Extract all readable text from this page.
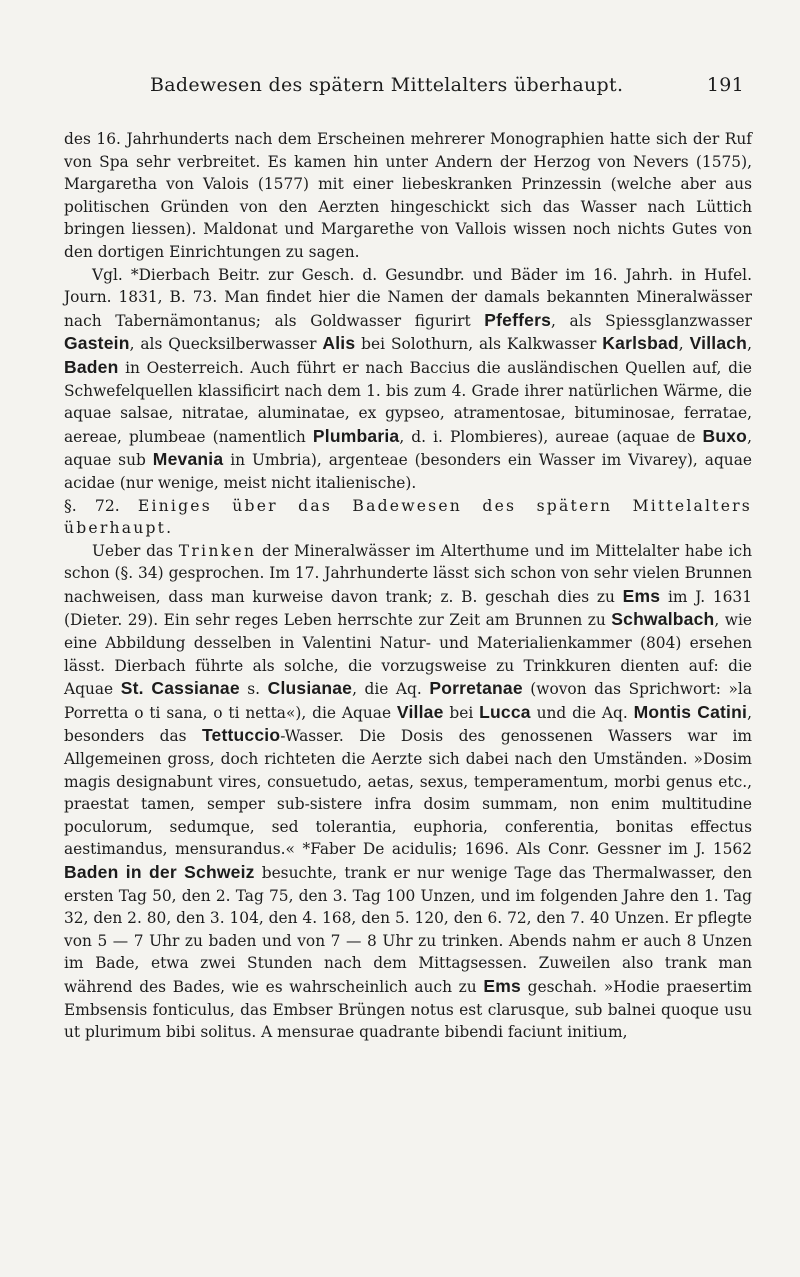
Badewesen des spätern Mittelalters überhaupt.	191

des 16. Jahrhunderts nach dem Erscheinen mehrerer Monographien hatte sich der Ruf von Spa sehr verbreitet. Es kamen hin unter Andern der Herzog von Nevers (1575), Margaretha von Valois (1577) mit einer liebeskranken Prinzessin (welche aber aus politischen Gründen von den Aerzten hingeschickt sich das Wasser nach Lüttich bringen liessen). Maldonat und Margarethe von Vallois wissen noch nichts Gutes von den dortigen Einrichtungen zu sagen.

Vgl. *Dierbach Beitr. zur Gesch. d. Gesundbr. und Bäder im 16. Jahrh. in Hufel. Journ. 1831, B. 73. Man findet hier die Namen der damals bekannten Mineralwässer nach Tabernämontanus; als Goldwasser figurirt Pfeffers, als Spiessglanzwasser Gastein, als Quecksilberwasser Alis bei Solothurn, als Kalkwasser Karlsbad, Villach, Baden in Oesterreich. Auch führt er nach Baccius die ausländischen Quellen auf, die Schwefelquellen klassificirt nach dem 1. bis zum 4. Grade ihrer natürlichen Wärme, die aquae salsae, nitratae, aluminatae, ex gypseo, atramentosae, bituminosae, ferratae, aereae, plumbeae (namentlich Plumbaria, d. i. Plombieres), aureae (aquae de Buxo, aquae sub Mevania in Umbria), argenteae (besonders ein Wasser im Vivarey), aquae acidae (nur wenige, meist nicht italienische).

§. 72. Einiges über das Badewesen des spätern Mittelalters überhaupt.

Ueber das Trinken der Mineralwässer im Alterthume und im Mittelalter habe ich schon (§. 34) gesprochen. Im 17. Jahrhunderte lässt sich schon von sehr vielen Brunnen nachweisen, dass man kurweise davon trank; z. B. geschah dies zu Ems im J. 1631 (Dieter. 29). Ein sehr reges Leben herrschte zur Zeit am Brunnen zu Schwalbach, wie eine Abbildung desselben in Valentini Natur- und Materialienkammer (804) ersehen lässt. Dierbach führte als solche, die vorzugsweise zu Trinkkuren dienten auf: die Aquae St. Cassianae s. Clusianae, die Aq. Porretanae (wovon das Sprichwort: »la Porretta o ti sana, o ti netta«), die Aquae Villae bei Lucca und die Aq. Montis Catini, besonders das Tettuccio-Wasser. Die Dosis des genossenen Wassers war im Allgemeinen gross, doch richteten die Aerzte sich dabei nach den Umständen. »Dosim magis designabunt vires, consuetudo, aetas, sexus, temperamentum, morbi genus etc., praestat tamen, semper sub-sistere infra dosim summam, non enim multitudine poculorum, sedumque, sed tolerantia, euphoria, conferentia, bonitas effectus aestimandus, mensurandus.« *Faber De acidulis; 1696. Als Conr. Gessner im J. 1562 Baden in der Schweiz besuchte, trank er nur wenige Tage das Thermalwasser, den ersten Tag 50, den 2. Tag 75, den 3. Tag 100 Unzen, und im folgenden Jahre den 1. Tag 32, den 2. 80, den 3. 104, den 4. 168, den 5. 120, den 6. 72, den 7. 40 Unzen. Er pflegte von 5 — 7 Uhr zu baden und von 7 — 8 Uhr zu trinken. Abends nahm er auch 8 Unzen im Bade, etwa zwei Stunden nach dem Mittagsessen. Zuweilen also trank man während des Bades, wie es wahrscheinlich auch zu Ems geschah. »Hodie praesertim Embsensis fonticulus, das Embser Brüngen notus est clarusque, sub balnei quoque usu ut plurimum bibi solitus. A mensurae quadrante bibendi faciunt initium,
